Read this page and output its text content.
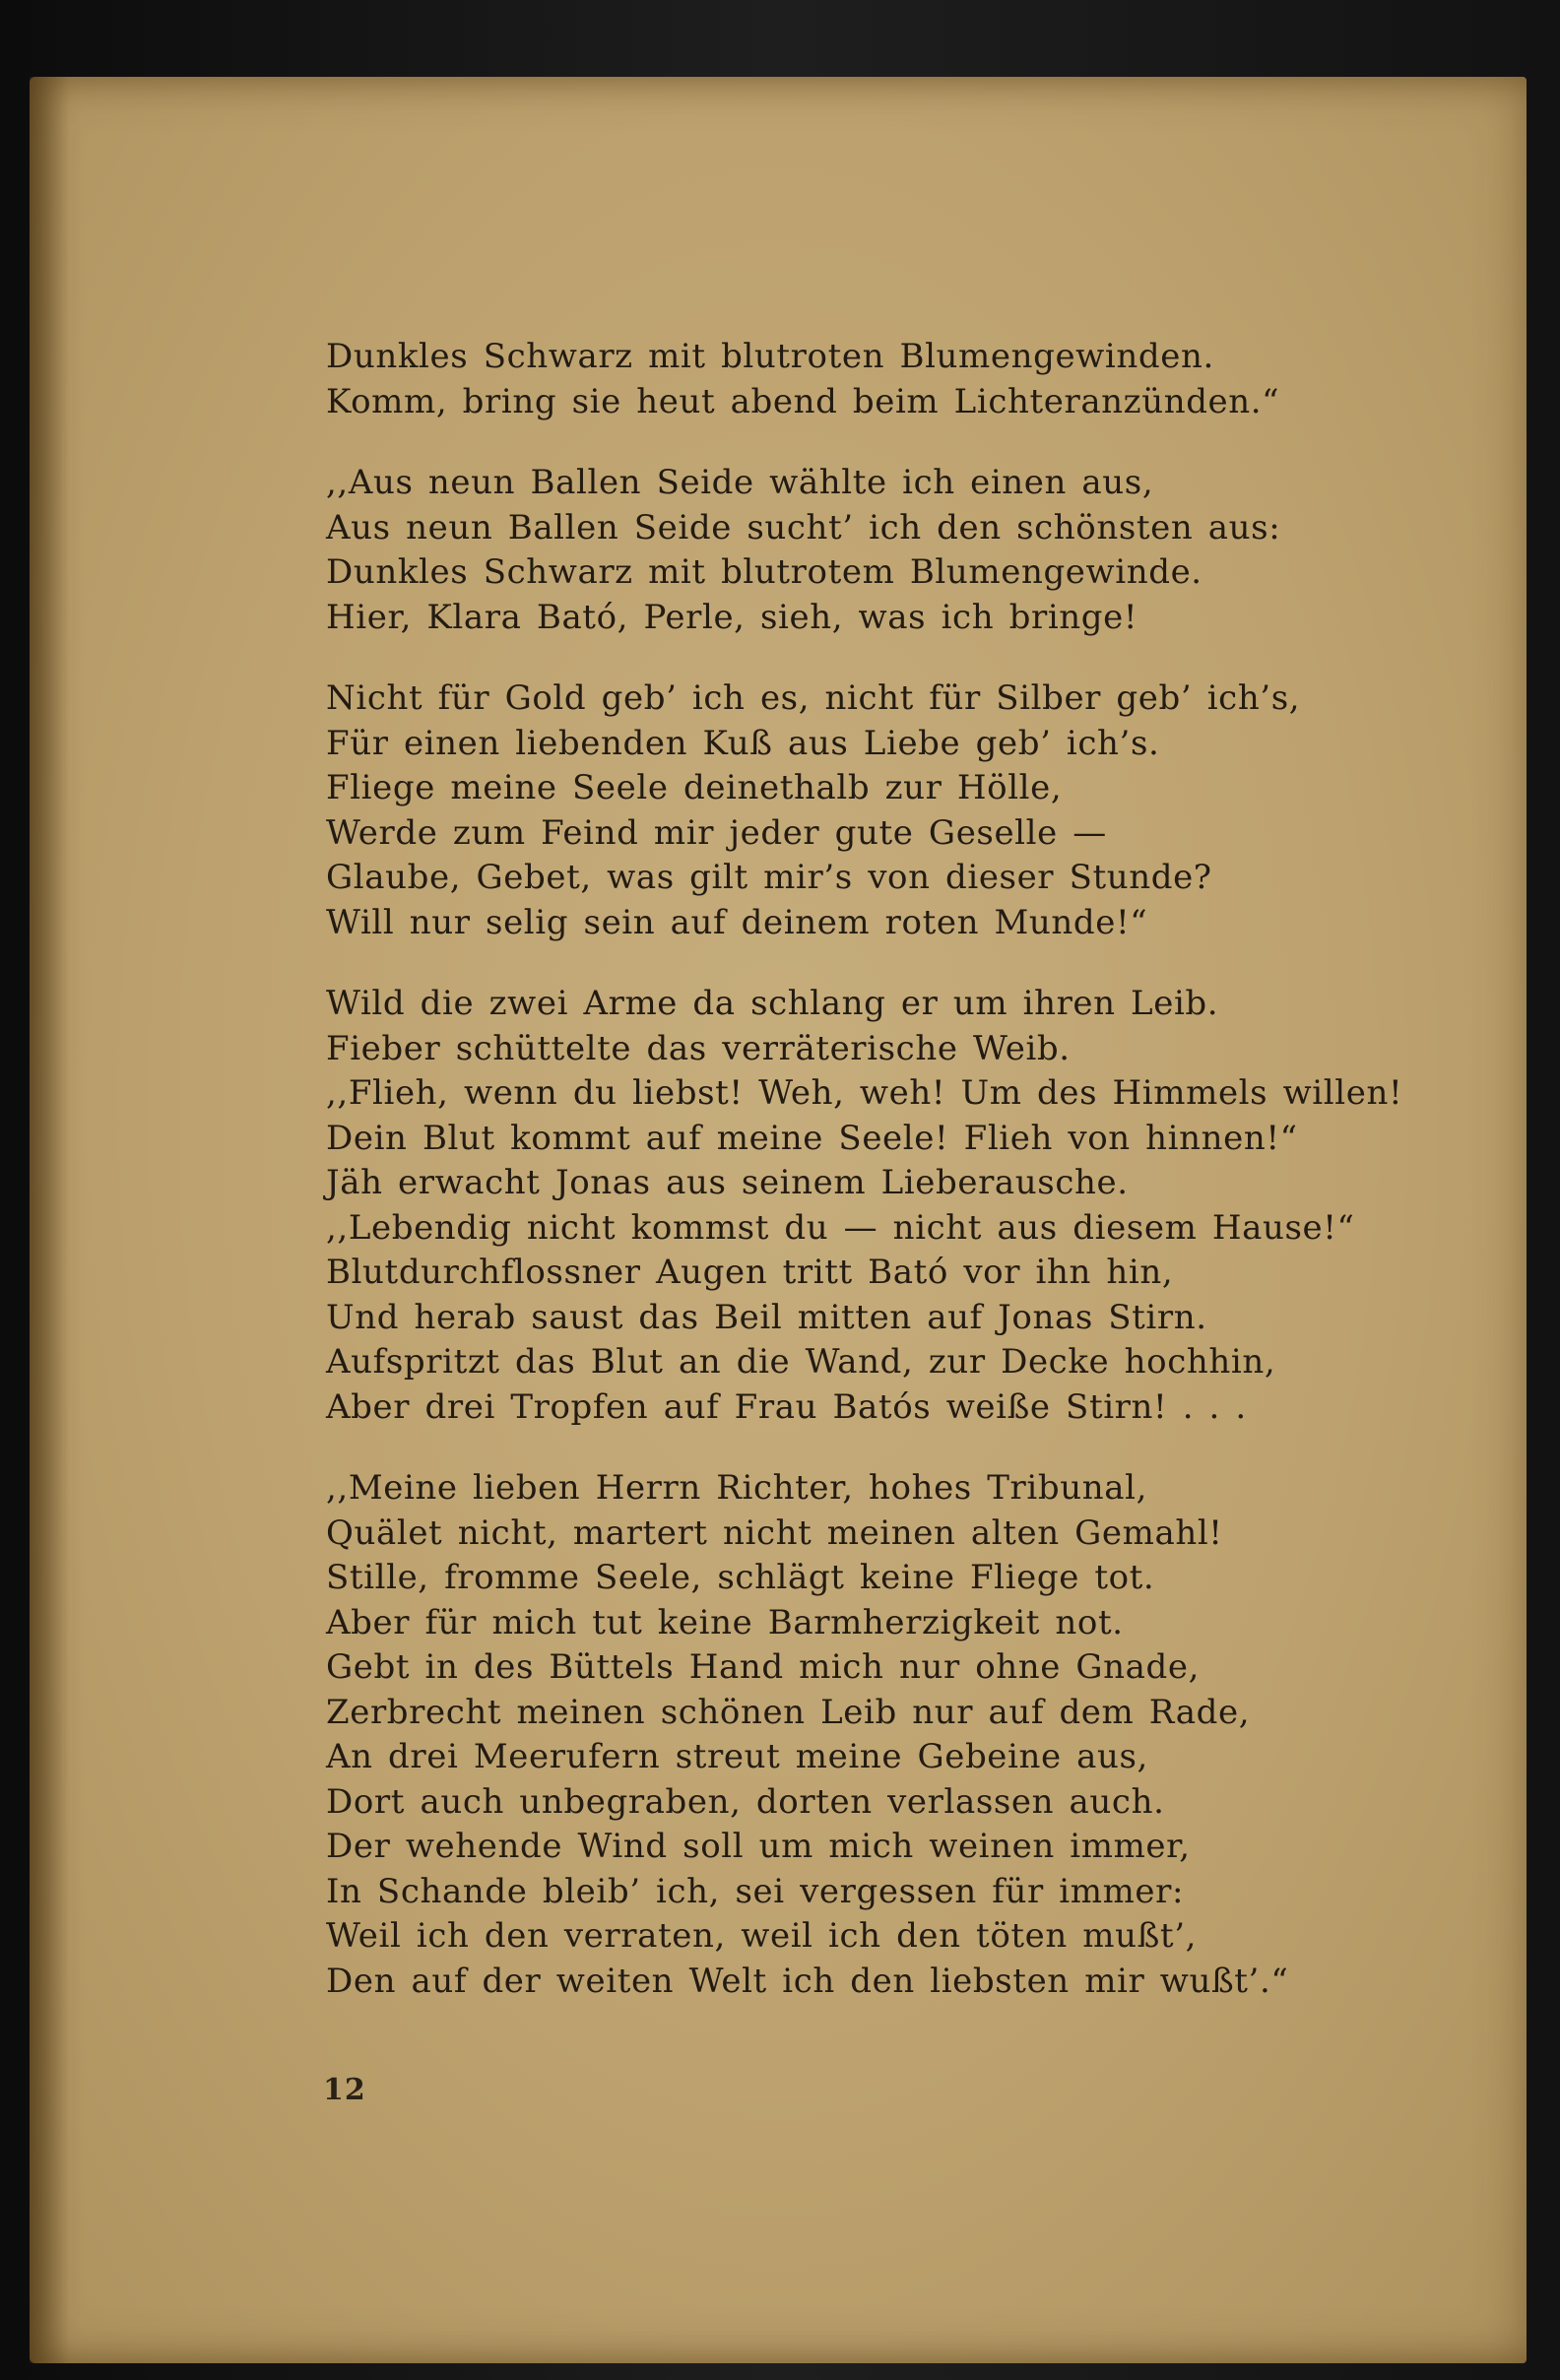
Dunkles Schwarz mit blutroten Blumengewinden.
Komm, bring sie heut abend beim Lichteranzünden.“
,,Aus neun Ballen Seide wählte ich einen aus,
Aus neun Ballen Seide sucht’ ich den schönsten aus:
Dunkles Schwarz mit blutrotem Blumengewinde.
Hier, Klara Bató, Perle, sieh, was ich bringe!
Nicht für Gold geb’ ich es, nicht für Silber geb’ ich’s,
Für einen liebenden Kuß aus Liebe geb’ ich’s.
Fliege meine Seele deinethalb zur Hölle,
Werde zum Feind mir jeder gute Geselle —
Glaube, Gebet, was gilt mir’s von dieser Stunde?
Will nur selig sein auf deinem roten Munde!“
Wild die zwei Arme da schlang er um ihren Leib.
Fieber schüttelte das verräterische Weib.
,,Flieh, wenn du liebst! Weh, weh! Um des Himmels willen!
Dein Blut kommt auf meine Seele! Flieh von hinnen!“
Jäh erwacht Jonas aus seinem Lieberausche.
,,Lebendig nicht kommst du — nicht aus diesem Hause!“
Blutdurchflossner Augen tritt Bató vor ihn hin,
Und herab saust das Beil mitten auf Jonas Stirn.
Aufspritzt das Blut an die Wand, zur Decke hochhin,
Aber drei Tropfen auf Frau Batós weiße Stirn! . . .
,,Meine lieben Herrn Richter, hohes Tribunal,
Quälet nicht, martert nicht meinen alten Gemahl!
Stille, fromme Seele, schlägt keine Fliege tot.
Aber für mich tut keine Barmherzigkeit not.
Gebt in des Büttels Hand mich nur ohne Gnade,
Zerbrecht meinen schönen Leib nur auf dem Rade,
An drei Meerufern streut meine Gebeine aus,
Dort auch unbegraben, dorten verlassen auch.
Der wehende Wind soll um mich weinen immer,
In Schande bleib’ ich, sei vergessen für immer:
Weil ich den verraten, weil ich den töten mußt’,
Den auf der weiten Welt ich den liebsten mir wußt’.“
12
